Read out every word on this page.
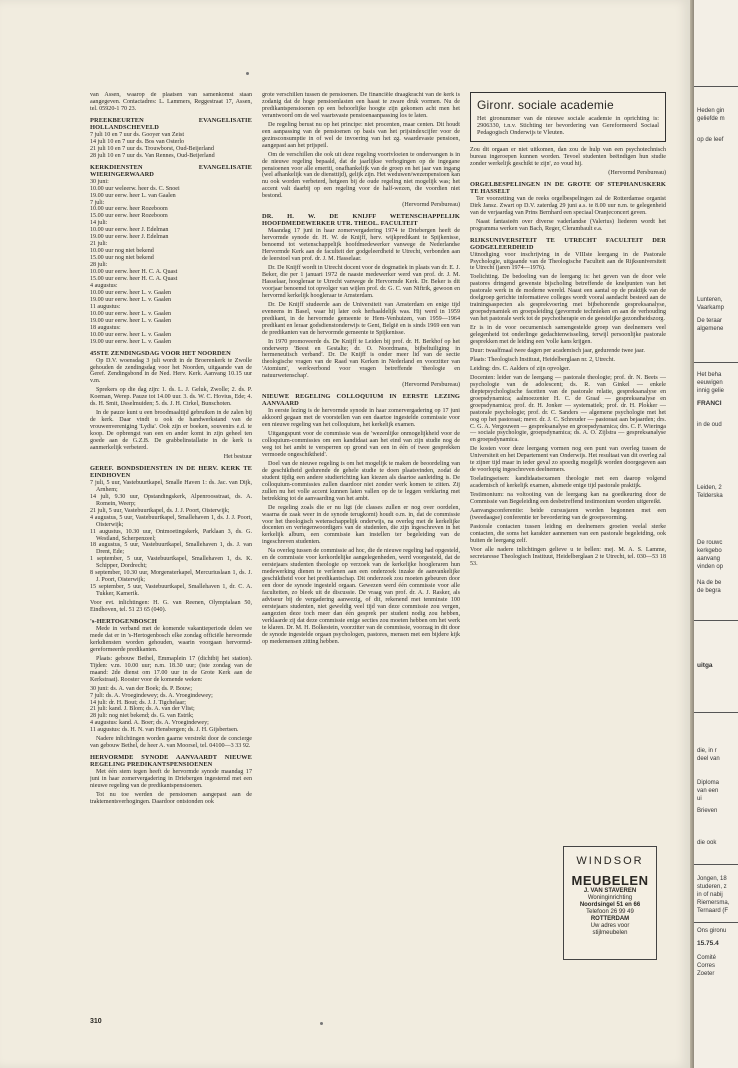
van Assen, waarop de plaatsen van samenkomst staan aangegeven. Contactadres: L. Lammers, Reggestraat 17, Assen, tel. 05920-1 70 23.

PREEKBEURTEN EVANGELISATIE HOLLANDSCHEVELD
7 juli 10 en 7 uur ds. Gooyer van Zeist
14 juli 10 en 7 uur ds. Bos van Osterlo
21 juli 10 en 7 uur ds. Trouwborst, Oud-Beijerland
28 juli 10 en 7 uur ds. Van Rennes, Oud-Beijerland
KERKDIENSTEN EVANGELISATIE WIERINGERWAARD
30 juni:
10.00 uur weleerw. heer ds. C. Snoei
19.00 uur eerw. heer L. van Gaalen
7 juli:
10.00 uur eerw. heer Rozeboom
15.00 uur eerw. heer Rozeboom
14 juli:
10.00 uur eerw. heer J. Edelman
19.00 uur eerw. heer J. Edelman
21 juli:
10.00 uur nog niet bekend
15.00 uur nog niet bekend
28 juli:
10.00 uur eerw. heer H. C. A. Quast
15.00 uur eerw. heer H. C. A. Quast
4 augustus:
10.00 uur eerw. heer L. v. Gaalen
19.00 uur eerw. heer L. v. Gaalen
11 augustus:
10.00 uur eerw. heer L. v. Gaalen
19.00 uur eerw. heer L. v. Gaalen
18 augustus:
10.00 uur eerw. heer L. v. Gaalen
19.00 uur eerw. heer L. v. Gaalen
45STE ZENDINGSDAG VOOR HET NOORDEN

Op D.V. woensdag 3 juli wordt in de Broerenkerk te Zwolle gehouden de zendingsdag voor het Noorden, uitgaande van de Geref. Zendingsbond in de Ned. Herv. Kerk. Aanvang 10.15 uur v.m.

Sprekers op die dag zijn: 1. ds. L. J. Geluk, Zwolle; 2. ds. P. Koeman, Werep. Pauze tot 14.00 uur. 3. ds. W. C. Hovius, Ede; 4. ds. H. Smit, IJsselmuiden; 5. ds. J. H. Cirkel, Bunschoten.

In de pauze kunt u een broodmaaltijd gebruiken in de zalen bij de kerk. Daar vindt u ook de handwerkstand van de vrouwenvereniging 'Lydia'. Ook zijn er boeken, souvenirs e.d. te koop. De opbrengst van een en ander komt in zijn geheel ten goede aan de G.Z.B. De grabbelinstallatie in de kerk is aanmerkelijk verbeterd.

Het bestuur
GEREF. BONDSDIENSTEN IN DE HERV. KERK TE EINDHOVEN
7 juli, 5 uur, Vastebuurtkapel, Smalle Haven 1: ds. Jac. van Dijk, Arnhem;
14 juli, 9.30 uur, Opstandingskerk, Alpenroosstraat, ds. A. Romein, Weerp;
21 juli, 5 uur, Vastebuurtkapel, ds. J. J. Poort, Oisterwijk;
4 augustus, 5 uur, Vastebuurtkapel, Smallehaven 1, ds. J. J. Poort, Oisterwijk;
11 augustus, 10.30 uur, Ontmoetingskerk, Parklaan 3, ds. G. Westland, Scherpenzeel;
18 augustus, 5 uur, Vastebuurtkapel, Smallehaven 1, ds. J. van Drent, Ede;
1 september, 5 uur, Vastebuurtkapel, Smallehaven 1, ds. K. Schipper, Dordrecht;
8 september, 10.30 uur, Morgensterkapel, Mercuriuslaan 1, ds. J. J. Poort, Oisterwijk;
15 september, 5 uur, Vastebuurtkapel, Smallehaven 1, dr. C. A. Tukker, Kamerik.

Voor evt. inlichtingen: H. G. van Reenen, Olympialaan 50, Eindhoven, tel. 51 23 65 (040).

's-HERTOGENBOSCH

Mede in verband met de komende vakantieperiode delen we mede dat er in 's-Hertogenbosch elke zondag officiële hervormde kerkdiensten worden gehouden, waarin voorgaan hervormd-gereformeerde predikanten.

Plaats: gebouw Bethel, Emmaplein 17 (dichtbij het station). Tijden: v.m. 10.00 uur; n.m. 18.30 uur; (iste zondag van de maand: 2de dienst om 17.00 uur in de Grote Kerk aan de Kerkstraat). Rooster voor de komende weken:

30 juni: ds. A. van der Boek; ds. P. Bouw;
7 juli: ds. A. Vroegindewey; ds. A. Vroegindewey;
14 juli: dr. H. Bout; ds. J. J. Tigchelaar;
21 juli: kand. J. Blom; ds. A. van der Vlist;
28 juli: nog niet bekend; ds. G. van Estrik;
4 augustus: kand. A. Boer; ds. A. Vroegindewey;
11 augustus: ds. H. N. van Hensbergen; ds. J. H. Gijsbertsen.

Nadere inlichtingen worden gaarne verstrekt door de concierge van gebouw Bethel, de heer A. van Moorsel, tel. 04100—3 33 92.

HERVORMDE SYNODE AANVAARDT NIEUWE REGELING PREDIKANTSPENSIOENEN

Met één stem tegen heeft de hervormde synode maandag 17 juni in haar zomervergadering in Driebergen ingestemd met een nieuwe regeling van de predikantspensioenen.

Tot nu toe werden de pensioenen aangepast aan de traktementsverhogingen. Daardoor ontstonden ook

grote verschillen tussen de pensioenen. De financiële draagkracht van de kerk is zodanig dat de hoge pensioenlasten een haast te zware druk vormen. Nu de predikantspensioenen op een behoorlijke hoogte zijn gekomen acht men het verantwoord om de wel vaartsvaste pensioenaanpassing los te laten.

De regeling berust nu op het principe: niet procenten, maar centen. Dit houdt een aanpassing van de pensioenen op basis van het prijsindexcijfer voor de gezinsconsumptie in of wel de invoering van het zg. waardevaste pensioen, aangepast aan het prijspeil.

Om de verschillen die ook uit deze regeling voortvloeien te ondervangen is in de nieuwe regeling bepaald, dat de jaarlijkse verhogingen op de ingegane pensioenen voor alle emeriti, onafhankelijk van de groep en het jaar van ingang (wel afhankelijk van de diensttijd), gelijk zijn. Het weduwen/wezenpensioen kan nu ook worden verbeterd, hetgeen bij de oude regeling niet mogelijk was; het accent valt daarbij op een regeling voor de half-wezen, die voordien niet bestond.

(Hervormd Persbureau)
DR. H. W. DE KNIJFF WETENSCHAPPELIJK HOOFDMEDEWERKER UTR. THEOL. FACULTEIT

Maandag 17 juni in haar zomervergadering 1974 te Driebergen heeft de hervormde synode dr. H. W. de Knijff, herv. wijkpredikant te Spijkenisse, benoemd tot wetenschappelijk hoofdmedewerker vanwege de Nederlandse Hervormde Kerk aan de faculteit der godgeleerdheid te Utrecht, verbonden aan de leerstoel van prof. dr. J. M. Hasselaar.

Dr. De Knijff wordt in Utrecht docent voor de dogmatiek in plaats van dr. E. J. Beker, die per 1 januari 1972 de naaste medewerker werd van prof. dr. J. M. Hasselaar, hoogleraar te Utrecht vanwege de Hervormde Kerk. Dr. Beker is dit voorjaar benoemd tot opvolger van wijlen prof. dr. G. C. van Niftrik, gewoon en hervormd kerkelijk hoogleraar te Amsterdam.

Dr. De Knijff studeerde aan de Universiteit van Amsterdam en enige tijd eveneens in Basel, waar hij later ook herhaaldelijk was. Hij werd in 1959 predikant, in de hervormde gemeente te Hem-Venhuizen, van 1959—1964 predikant en leraar godsdienstonderwijs te Gent, België en is sinds 1969 een van de predikanten van de hervormde gemeente te Spijkenisse.

In 1970 promoveerde ds. De Knijff te Leiden bij prof. dr. H. Berkhof op het onderwerp 'Beest en Gestalte; dr. O. Noordmans, bijbeltuiliging in hermeneutisch verband'. Dr. De Knijff is onder meer lid van de sectie theologische vragen van de Raad van Kerken in Nederland en voorzitter van 'Atomium', werkverbond voor vragen betreffende 'theologie en natuurwetenschap'.

(Hervormd Persbureau)
NIEUWE REGELING COLLOQUIUM IN EERSTE LEZING AANVAARD

In eerste lezing is de hervormde synode in haar zomervergadering op 17 juni akkoord gegaan met de voorstellen van een daartoe ingestelde commissie voor een nieuwe regeling van het colloquium, het kerkelijk examen.

Uitgangspunt voor de commissie was de 'wezenlijke onmogelijkheid voor de colloquium-commissies om een kandidaat aan het eind van zijn studie nog de weg tot het ambt te versperren op grond van een in één of twee gesprekken vermoede ongeschiktheid'.

Doel van de nieuwe regeling is om het mogelijk te maken de beoordeling van de geschiktheid gedurende de gehele studie te doen plaatsvinden, zodat de student tijdig een andere studierichting kan kiezen als daartoe aanleiding is. De colloquium-commissies zullen daardoor niet zonder werk komen te zitten. Zij zullen nu het volle accent kunnen laten vallen op de te leggen verklaring met betrekking tot de aanvaarding van het ambt.

De regeling zoals die er nu ligt (de classes zullen er nog over oordelen, waarna de zaak weer in de synode terugkomt) houdt o.m. in, dat de commissie voor het theologisch wetenschappelijk onderwijs, na overleg met de kerkelijke docenten en vertegenwoordigers van de studenten, die zijn ingeschreven in het kerkelijk album, een commissie kan instellen ter begeleiding van de ingeschreven studenten.

Na overleg tussen de commissie ad hoc, die de nieuwe regeling had opgesteld, en de commissie voor kerkordelijke aangelegenheden, werd voorgesteld, dat de eerstejaars studenten theologie op verzoek van de kerkelijke hoogleraren hun medewerking dienen te verlenen aan een onderzoek inzake de aanvankelijke geschiktheid voor het predikantschap. Dit onderzoek zou moeten gebeuren door een door de synode ingesteld orgaan. Gewezen werd één commissie voor alle faculteiten, zo bleek uit de discussie. De vraag van prof. dr. A. J. Rasker, als adviseur bij de vergadering aanwezig, of dit, rekenend met tenminste 100 eerstejaars studenten, niet geweldig veel tijd van deze commissie zou vergen, aangezien deze toch meer dan één gesprek per student nodig zou hebben, verklaarde zij dat deze commissie enige secties zou moeten hebben om het werk te klaren. Dr. M. H. Bolkestein, voorzitter van de commissie, voorzag in dit door de synode ingestelde orgaan psychologen, pastores, mensen met een bijdere kijk op medemensen zitting hebben.

Gironr. sociale academie
Het gironummer van de nieuwe sociale academie in oprichting is: 2906330, t.n.v. Stichting ter bevordering van Gereformeerd Sociaal Pedagogisch Onderwijs te Vleuten.

Zou dit orgaan er niet uitkomen, dan zou de hulp van een psychotechnisch bureau ingeroepen kunnen worden. Tevoel studenten beëindigen hun studie zonder werkelijk geschikt te zijn', zo voud hij.

(Hervormd Persbureau)
ORGELBESPELINGEN IN DE GROTE OF STEPHANUSKERK TE HASSELT

Ter voorzetting van de reeks orgelbespelingen zal de Rotterdamse organist Dirk Jansz. Zwart op D.V. zaterdag 29 juni a.s. te 8.00 uur n.m. te gelegenheid van de verjaardag van Prins Bernhard een speciaal Oranjeconcert geven.

Naast fantasieën over diverse vaderlandse (Valerius) liederen wordt het programma werken van Bach, Reger, Clerambault e.a.

RIJKSUNIVERSITEIT TE UTRECHT FACULTEIT DER GODGELEERDHEID

Uitnodiging voor inschrijving in de VIIIste leergang in de Pastorale Psychologie, uitgaande van de Theologische Faculteit aan de Rijksuniversiteit te Utrecht (jaren 1974—1976).

Toelichting. De bedoeling van de leergang is: het geven van de door vele pastores dringend gewenste bijscholing betreffende de knelpunten van het pastorale werk in de moderne wereld. Naast een aantal op de praktijk van de doelgroep gerichte informatieve colleges wordt vooral aandacht besteed aan de trainingsaspecten als gesprekvoering met bijbehorende gespreksanalyse, groepsdynamiek en groepsleiding (gevormde technieken en aan de verhouding van het pastorale werk tot de psychotherapie en de geestelijke gezondheidszorg.

Er is in de voor oecumenisch samengestelde groep van deelnemers veel gelegenheid tot onderlinge gedachtenwisseling, terwijl persoonlijke pastorale gesprekken met de leiding een 'volle kans krijgen.

Duur: twaalfmaal twee dagen per academisch jaar, gedurende twee jaar.

Plaats: Theologisch Instituut, Heidelberglaan nr. 2, Utrecht.

Leiding: drs. C. Aalders of zijn opvolger.

Docenten: leider van de leergang — pastorale theologie; prof. dr. N. Beets — psychologie van de adolescent; ds. R. van Ginkel — enkele dieptepsychologische facetten van de pastorale relatie, gespreksanalyse en groepsdynamica; aalmoezenier H. C. de Graaf — gespreksanalyse en groepsdynamica; prof. dr. H. Jonker — systematiek; prof. dr. H. Plokker — pastorale psychologie; prof. dr. C. Sanders — algemene psychologie met het oog op het pastoraat; mevr. dr. J. C. Schreuder — pastoraat aan bejaarden; drs. C. G. A. Vergouwen — gespreksanalyse en groepsdynamica; drs. C. F. Wieringa — sociale psychologie, groepsdynamica; ds. A. O. Zijlstra — gespreksanalyse en groepsdynamica.

De kosten voor deze leergang vormen nog een punt van overleg tussen de Universiteit en het Departement van Onderwijs. Het resultaat van dit overleg zal te zijner tijd maar in ieder geval zo spoedig mogelijk worden doorgegeven aan de voorlopig ingeschreven deelnemers.

Toelatingseisen: kandidaatsexamen theologie met een daarop volgend academisch of kerkelijk examen, alsmede enige tijd pastorale praktijk.

Testimonium: na voltooiing van de leergang kan na goedkeuring door de Commissie van Begeleiding een desbetreffend testimonium worden uitgereikt.

Aanvangsconferentie: beide cursusjaren worden begonnen met een (tweedaagse) conferentie ter bevordering van de groepsvorming.

Pastorale contacten tussen leiding en deelnemers groeien veelal sterke contacten, die soms het karakter aannemen van een pastorale begeleiding, ook buiten de leergang zelf.

Voor alle nadere inlichtingen gelieve u te bellen: mej. M. A. S. Lamme, secretaresse Theologisch Instituut, Heidelberglaan 2 te Utrecht, tel. 030—53 18 53.

WINDSOR
MEUBELEN
J. VAN STAVEREN
Woninginrichting
Noordsingel 51 en 66
Telefoon 26 99 49
ROTTERDAM
Uw adres voor
stijlmeubelen
310
Heden gin
geliefde m
op de leef
Lunteren,
Vaarkamp
De teraar
algemene
Het beha
eeuwigen
innig gelie
FRANCI
in de oud
Leiden, 2
Telderska
De rouwc
kerkgebo
aanvang
vinden op
Na de be
de begra
uitga
die, in r
deel van
Diploma
van een
ui
Brieven
die ook
Jongen, 18
studeren, z
in of nabij
Riemersma,
Ternaard (F
Ons gironu
15.75.4
Comité
Corres
Zoeter
